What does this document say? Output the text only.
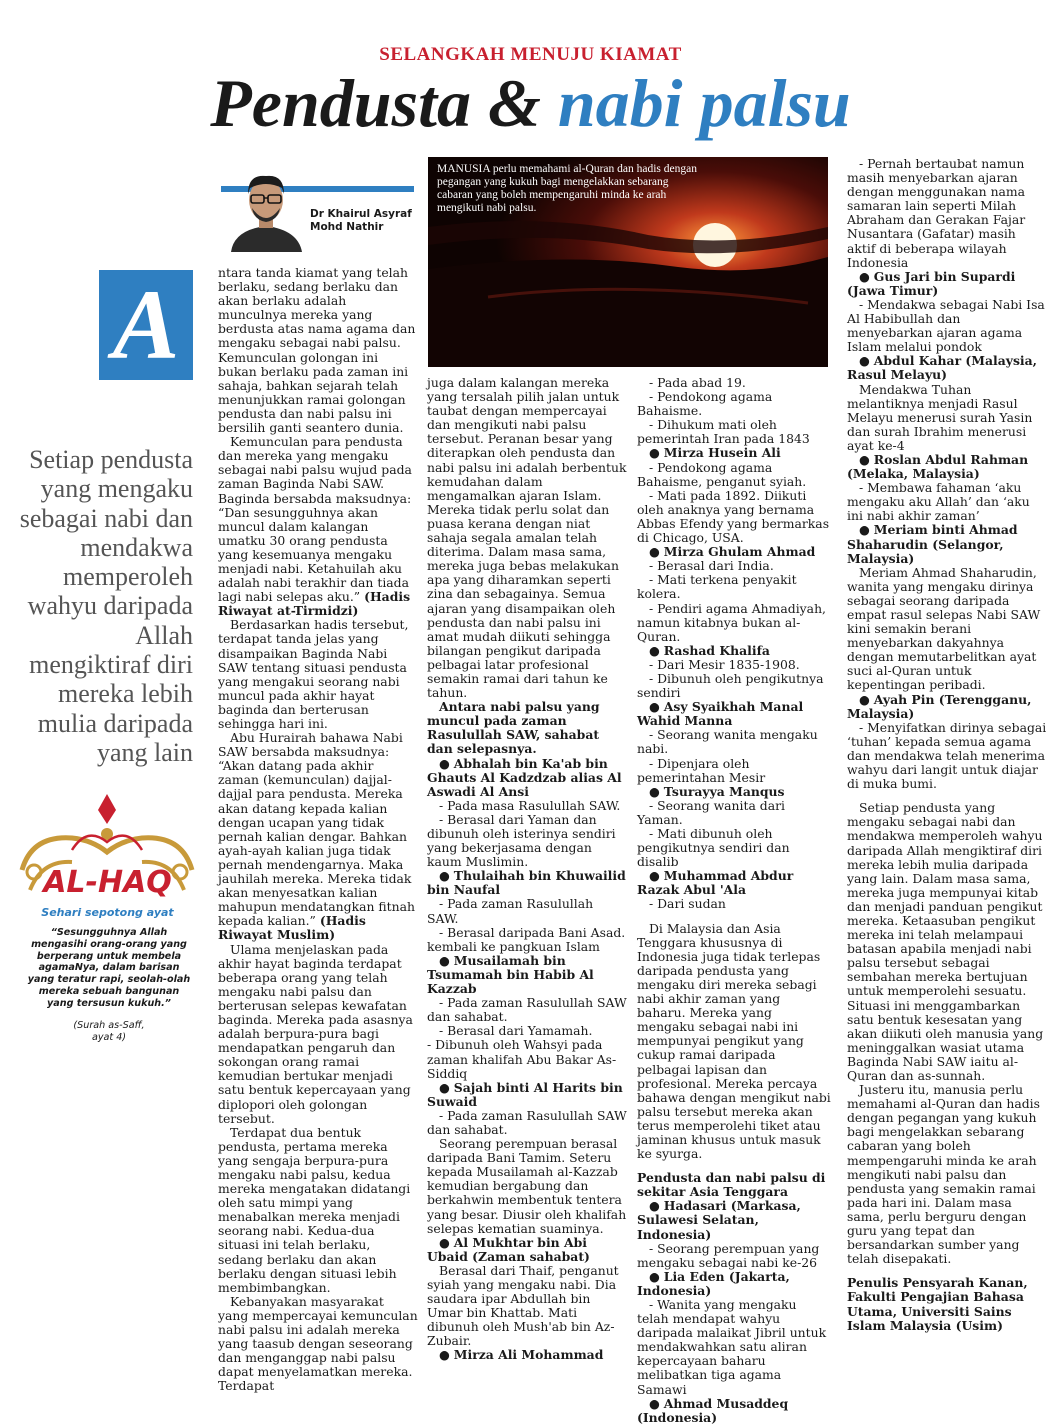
SELANGKAH MENUJU KIAMAT
Pendusta & nabi palsu
Dr Khairul Asyraf
Mohd Nathir
MANUSIA perlu memahami al-Quran dan hadis dengan pegangan yang kukuh bagi mengelakkan sebarang cabaran yang boleh mempengaruhi minda ke arah mengikuti nabi palsu.
A
Setiap pendusta yang mengaku sebagai nabi dan mendakwa memperoleh wahyu daripada Allah mengiktiraf diri mereka lebih mulia daripada yang lain
AL-HAQ
Sehari sepotong ayat
“Sesungguhnya Allah mengasihi orang-orang yang berperang untuk membela agamaNya, dalam barisan yang teratur rapi, seolah-olah mereka sebuah bangunan yang tersusun kukuh.”
(Surah as-Saff,
ayat 4)

ntara tanda kiamat yang telah berlaku, sedang berlaku dan akan berlaku adalah munculnya mereka yang berdusta atas nama agama dan mengaku sebagai nabi palsu. Kemunculan golongan ini bukan berlaku pada zaman ini sahaja, bahkan sejarah telah menunjukkan ramai golongan pendusta dan nabi palsu ini bersilih ganti seantero dunia.

Kemunculan para pendusta dan mereka yang mengaku sebagai nabi palsu wujud pada zaman Baginda Nabi SAW. Baginda bersabda maksudnya: “Dan sesungguhnya akan muncul dalam kalangan umatku 30 orang pendusta yang kesemuanya mengaku menjadi nabi. Ketahuilah aku adalah nabi terakhir dan tiada lagi nabi selepas aku.” (Hadis Riwayat at-Tirmidzi)

Berdasarkan hadis tersebut, terdapat tanda jelas yang disampaikan Baginda Nabi SAW tentang situasi pendusta yang mengakui seorang nabi muncul pada akhir hayat baginda dan berterusan sehingga hari ini.

Abu Hurairah bahawa Nabi SAW bersabda maksudnya: “Akan datang pada akhir zaman (kemunculan) dajjal-dajjal para pendusta. Mereka akan datang kepada kalian dengan ucapan yang tidak pernah kalian dengar. Bahkan ayah-ayah kalian juga tidak pernah mendengarnya. Maka jauhilah mereka. Mereka tidak akan menyesatkan kalian mahupun mendatangkan fitnah kepada kalian.” (Hadis Riwayat Muslim)

Ulama menjelaskan pada akhir hayat baginda terdapat beberapa orang yang telah mengaku nabi palsu dan berterusan selepas kewafatan baginda. Mereka pada asasnya adalah berpura-pura bagi mendapatkan pengaruh dan sokongan orang ramai kemudian bertukar menjadi satu bentuk kepercayaan yang diplopori oleh golongan tersebut.

Terdapat dua bentuk pendusta, pertama mereka yang sengaja berpura-pura mengaku nabi palsu, kedua mereka mengatakan didatangi oleh satu mimpi yang menabalkan mereka menjadi seorang nabi. Kedua-dua situasi ini telah berlaku, sedang berlaku dan akan berlaku dengan situasi lebih membimbangkan.

Kebanyakan masyarakat yang mempercayai kemunculan nabi palsu ini adalah mereka yang taasub dengan seseorang dan menganggap nabi palsu dapat menyelamatkan mereka. Terdapat

juga dalam kalangan mereka yang tersalah pilih jalan untuk taubat dengan mempercayai dan mengikuti nabi palsu tersebut. Peranan besar yang diterapkan oleh pendusta dan nabi palsu ini adalah berbentuk kemudahan dalam mengamalkan ajaran Islam. Mereka tidak perlu solat dan puasa kerana dengan niat sahaja segala amalan telah diterima. Dalam masa sama, mereka juga bebas melakukan apa yang diharamkan seperti zina dan sebagainya. Semua ajaran yang disampaikan oleh pendusta dan nabi palsu ini amat mudah diikuti sehingga bilangan pengikut daripada pelbagai latar profesional semakin ramai dari tahun ke tahun.

Antara nabi palsu yang muncul pada zaman Rasulullah SAW, sahabat dan selepasnya.

● Abhalah bin Ka'ab bin Ghauts Al Kadzdzab alias Al Aswadi Al Ansi

- Pada masa Rasulullah SAW.

- Berasal dari Yaman dan dibunuh oleh isterinya sendiri yang bekerjasama dengan kaum Muslimin.

● Thulaihah bin Khuwailid bin Naufal

- Pada zaman Rasulullah SAW.

- Berasal daripada Bani Asad. kembali ke pangkuan Islam

● Musailamah bin Tsumamah bin Habib Al Kazzab

- Pada zaman Rasulullah SAW dan sahabat.

- Berasal dari Yamamah.

- Dibunuh oleh Wahsyi pada zaman khalifah Abu Bakar As-Siddiq

● Sajah binti Al Harits bin Suwaid

- Pada zaman Rasulullah SAW dan sahabat.

Seorang perempuan berasal daripada Bani Tamim. Seteru kepada Musailamah al-Kazzab kemudian bergabung dan berkahwin membentuk tentera yang besar. Diusir oleh khalifah selepas kematian suaminya.

● Al Mukhtar bin Abi Ubaid (Zaman sahabat)

Berasal dari Thaif, penganut syiah yang mengaku nabi. Dia saudara ipar Abdullah bin Umar bin Khattab. Mati dibunuh oleh Mush'ab bin Az-Zubair.

● Mirza Ali Mohammad

- Pada abad 19.

- Pendokong agama Bahaisme.

- Dihukum mati oleh pemerintah Iran pada 1843

● Mirza Husein Ali

- Pendokong agama Bahaisme, penganut syiah.

- Mati pada 1892. Diikuti oleh anaknya yang bernama Abbas Efendy yang bermarkas di Chicago, USA.

● Mirza Ghulam Ahmad

- Berasal dari India.

- Mati terkena penyakit kolera.

- Pendiri agama Ahmadiyah, namun kitabnya bukan al-Quran.

● Rashad Khalifa

- Dari Mesir 1835-1908.

- Dibunuh oleh pengikutnya sendiri

● Asy Syaikhah Manal Wahid Manna

- Seorang wanita mengaku nabi.

- Dipenjara oleh pemerintahan Mesir

● Tsurayya Manqus

- Seorang wanita dari Yaman.

- Mati dibunuh oleh pengikutnya sendiri dan disalib

● Muhammad Abdur Razak Abul 'Ala

- Dari sudan

Di Malaysia dan Asia Tenggara khususnya di Indonesia juga tidak terlepas daripada pendusta yang mengaku diri mereka sebagi nabi akhir zaman yang baharu. Mereka yang mengaku sebagai nabi ini mempunyai pengikut yang cukup ramai daripada pelbagai lapisan dan profesional. Mereka percaya bahawa dengan mengikut nabi palsu tersebut mereka akan terus memperolehi tiket atau jaminan khusus untuk masuk ke syurga.

Pendusta dan nabi palsu di sekitar Asia Tenggara

● Hadasari (Markasa, Sulawesi Selatan, Indonesia)

- Seorang perempuan yang mengaku sebagai nabi ke-26

● Lia Eden (Jakarta, Indonesia)

- Wanita yang mengaku telah mendapat wahyu daripada malaikat Jibril untuk mendakwahkan satu aliran kepercayaan baharu melibatkan tiga agama Samawi

● Ahmad Musaddeq (Indonesia)

- Pernah bertaubat namun masih menyebarkan ajaran dengan menggunakan nama samaran lain seperti Milah Abraham dan Gerakan Fajar Nusantara (Gafatar) masih aktif di beberapa wilayah Indonesia

● Gus Jari bin Supardi (Jawa Timur)

- Mendakwa sebagai Nabi Isa Al Habibullah dan menyebarkan ajaran agama Islam melalui pondok

● Abdul Kahar (Malaysia, Rasul Melayu)

Mendakwa Tuhan melantiknya menjadi Rasul Melayu menerusi surah Yasin dan surah Ibrahim menerusi ayat ke-4

● Roslan Abdul Rahman (Melaka, Malaysia)

- Membawa fahaman ‘aku mengaku aku Allah’ dan ‘aku ini nabi akhir zaman’

● Meriam binti Ahmad Shaharudin (Selangor, Malaysia)

Meriam Ahmad Shaharudin, wanita yang mengaku dirinya sebagai seorang daripada empat rasul selepas Nabi SAW kini semakin berani menyebarkan dakyahnya dengan memutarbelitkan ayat suci al-Quran untuk kepentingan peribadi.

● Ayah Pin (Terengganu, Malaysia)

- Menyifatkan dirinya sebagai ‘tuhan’ kepada semua agama dan mendakwa telah menerima wahyu dari langit untuk diajar di muka bumi.

Setiap pendusta yang mengaku sebagai nabi dan mendakwa memperoleh wahyu daripada Allah mengiktiraf diri mereka lebih mulia daripada yang lain. Dalam masa sama, mereka juga mempunyai kitab dan menjadi panduan pengikut mereka. Ketaasuban pengikut mereka ini telah melampaui batasan apabila menjadi nabi palsu tersebut sebagai sembahan mereka bertujuan untuk memperolehi sesuatu. Situasi ini menggambarkan satu bentuk kesesatan yang akan diikuti oleh manusia yang meninggalkan wasiat utama Baginda Nabi SAW iaitu al-Quran dan as-sunnah.

Justeru itu, manusia perlu memahami al-Quran dan hadis dengan pegangan yang kukuh bagi mengelakkan sebarang cabaran yang boleh mempengaruhi minda ke arah mengikuti nabi palsu dan pendusta yang semakin ramai pada hari ini. Dalam masa sama, perlu berguru dengan guru yang tepat dan bersandarkan sumber yang telah disepakati.

Penulis Pensyarah Kanan, Fakulti Pengajian Bahasa Utama, Universiti Sains Islam Malaysia (Usim)
